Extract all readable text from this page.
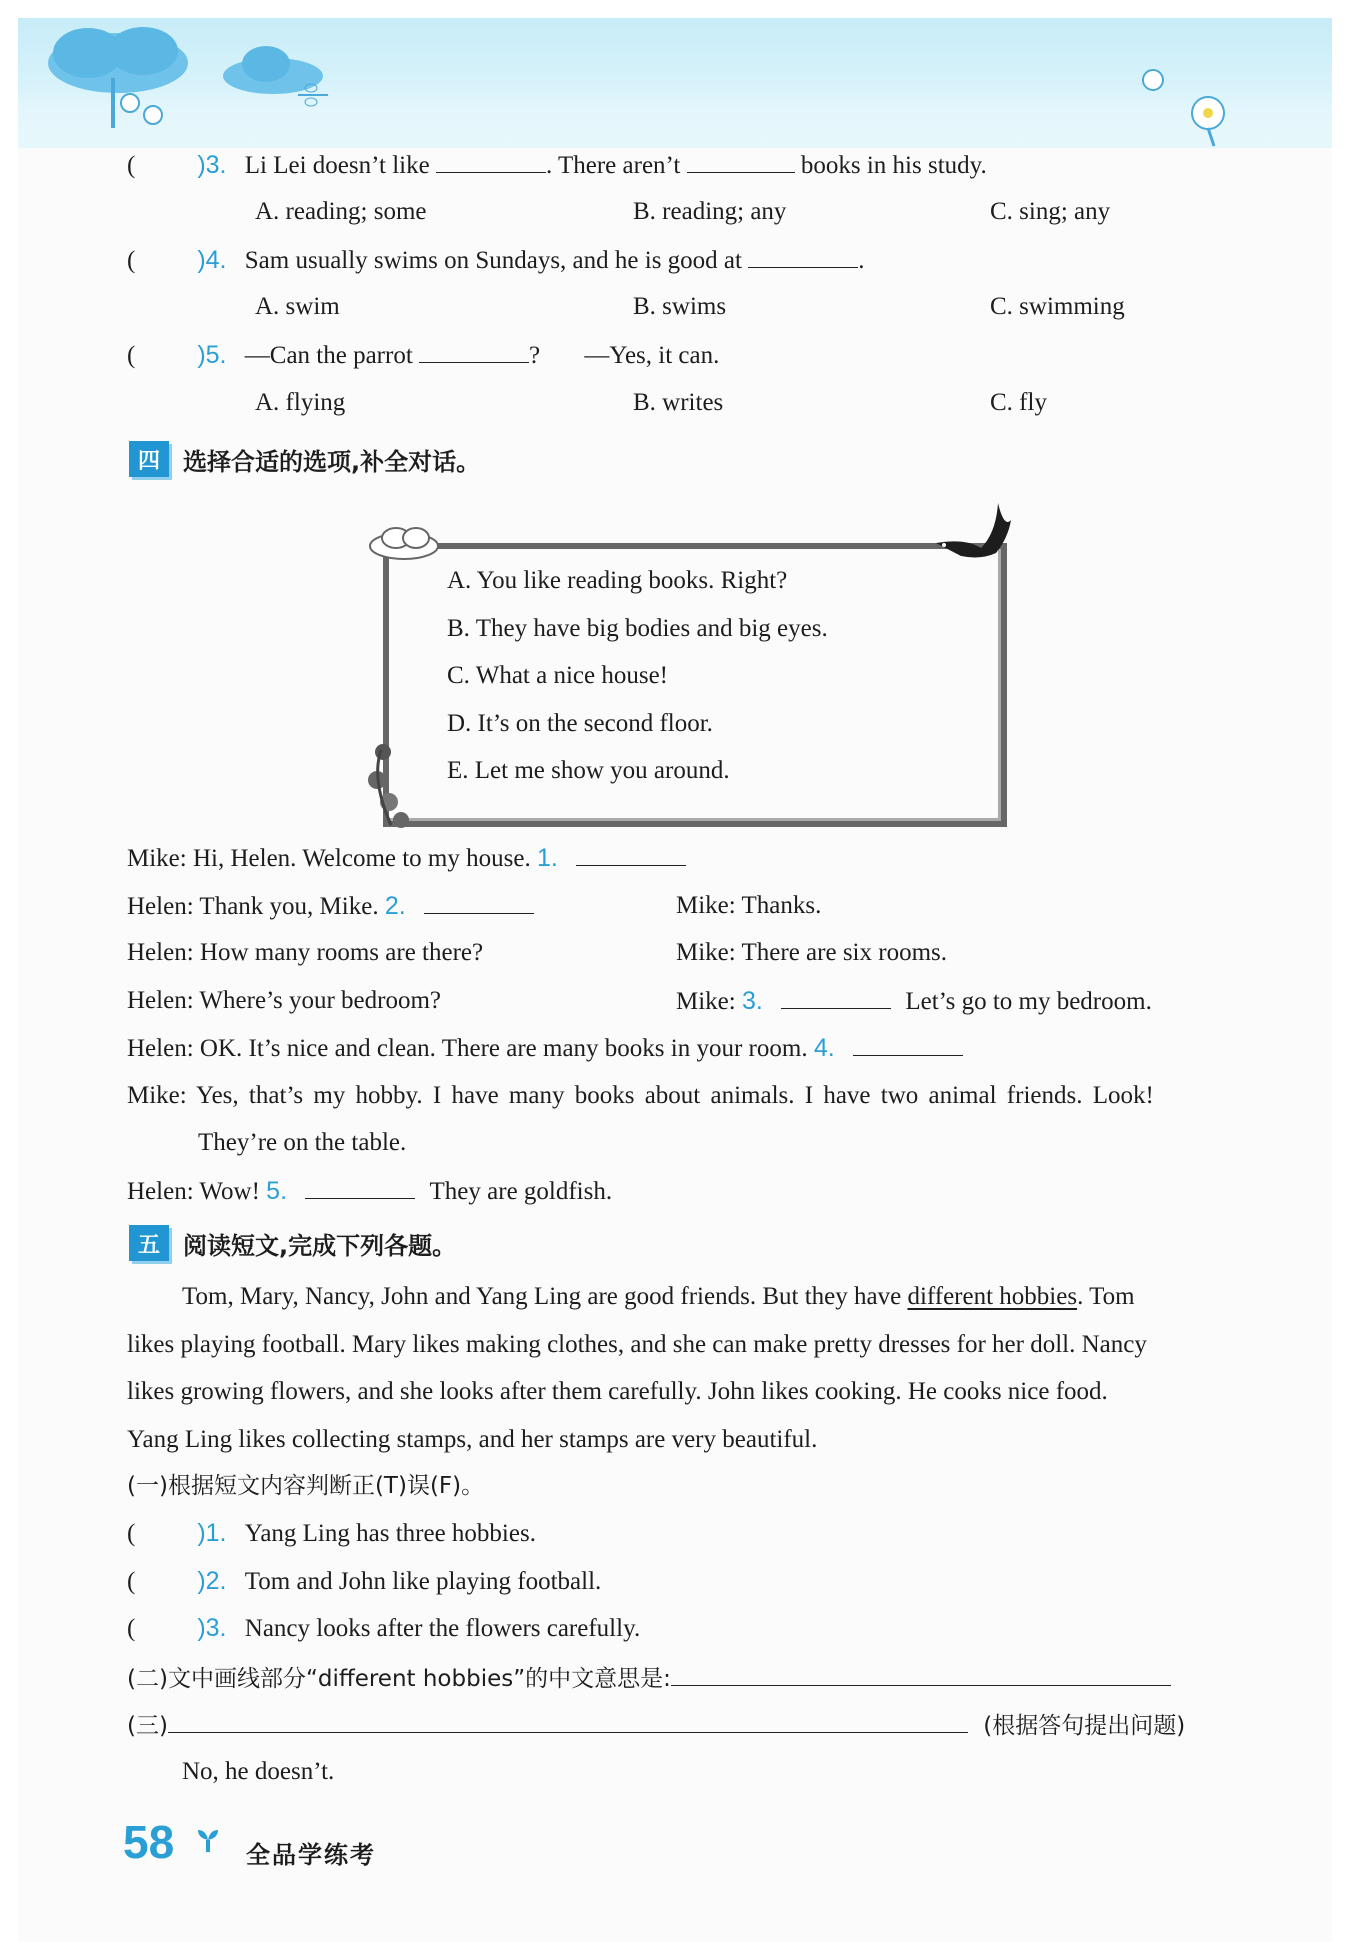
( )3. Li Lei doesn’t like	. There aren’t	books in his study.
A. reading; some	B. reading; any	C. sing; any
( )4. Sam usually swims on Sundays, and he is good at	.
A. swim	B. swims	C. swimming
( )5. —Can the parrot	? —Yes, it can.
A. flying	B. writes	C. fly
四 选择合适的选项,补全对话。
A. You like reading books. Right?
B. They have big bodies and big eyes.
C. What a nice house!
D. It’s on the second floor.
E. Let me show you around.
Mike: Hi, Helen. Welcome to my house. 1.
Helen: Thank you, Mike. 2.	Mike: Thanks.
Helen: How many rooms are there?	Mike: There are six rooms.
Helen: Where’s your bedroom?	Mike: 3.	Let’s go to my bedroom.
Helen: OK. It’s nice and clean. There are many books in your room. 4.
Mike: Yes, that’s my hobby. I have many books about animals. I have two animal friends. Look!
They’re on the table.
Helen: Wow! 5.	They are goldfish.
五 阅读短文,完成下列各题。
Tom, Mary, Nancy, John and Yang Ling are good friends. But they have different hobbies. Tom
likes playing football. Mary likes making clothes, and she can make pretty dresses for her doll. Nancy
likes growing flowers, and she looks after them carefully. John likes cooking. He cooks nice food.
Yang Ling likes collecting stamps, and her stamps are very beautiful.
(一)根据短文内容判断正(T)误(F)。
( )1. Yang Ling has three hobbies.
( )2. Tom and John like playing football.
( )3. Nancy looks after the flowers carefully.
(二)文中画线部分“different hobbies”的中文意思是:
(三)	(根据答句提出问题)
No, he doesn’t.
58	全品学练考
